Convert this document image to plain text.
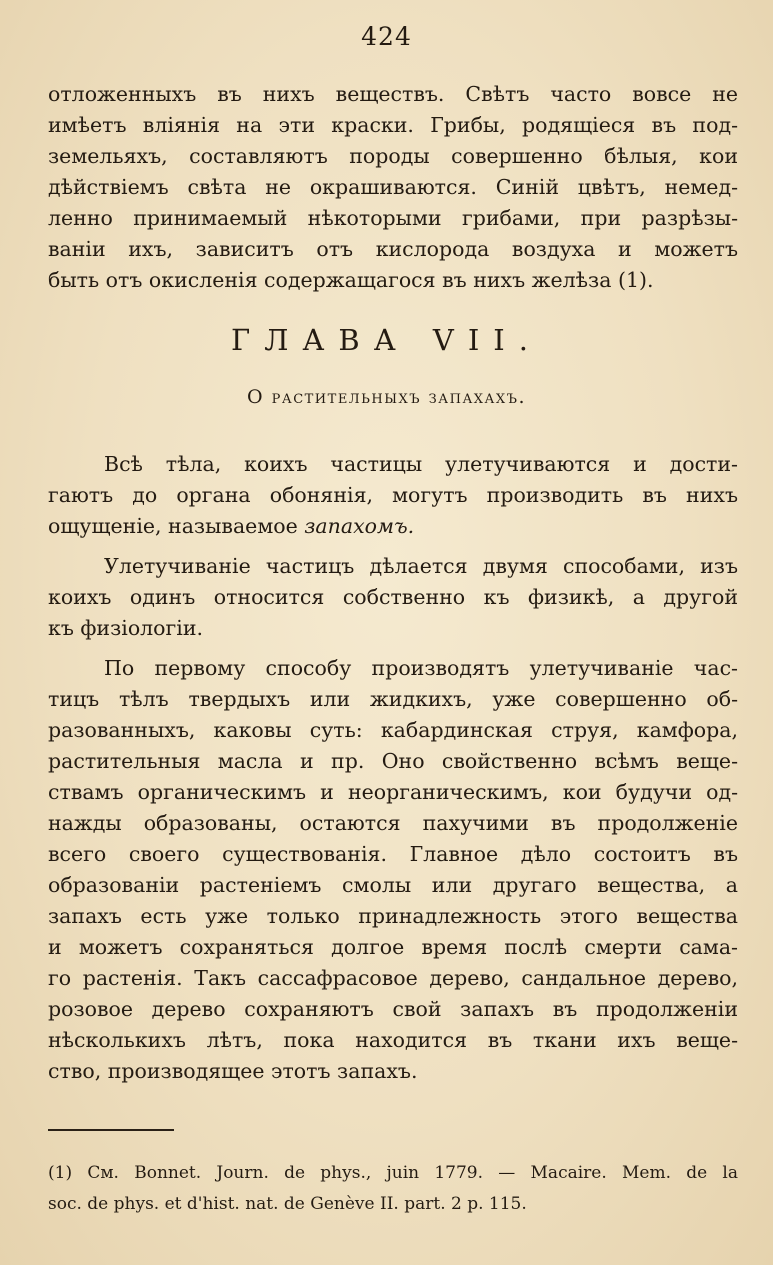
424
отложенныхъ въ нихъ веществъ. Свѣтъ часто вовсе не
имѣетъ вліянія на эти краски. Грибы, родящіеся въ под-
земельяхъ, составляютъ породы совершенно бѣлыя, кои
дѣйствіемъ свѣта не окрашиваются. Синій цвѣтъ, немед-
ленно принимаемый нѣкоторыми грибами, при разрѣзы-
ваніи ихъ, зависитъ отъ кислорода воздуха и можетъ
быть отъ окисленія содержащагося въ нихъ желѣза (1).
ГЛАВА VII.
О растительныхъ запахахъ.
Всѣ тѣла, коихъ частицы улетучиваются и дости-
гаютъ до органа обонянія, могутъ производить въ нихъ
ощущеніе, называемое запахомъ.
Улетучиваніе частицъ дѣлается двумя способами, изъ
коихъ одинъ относится собственно къ физикѣ, а другой
къ физіологіи.
По первому способу производятъ улетучиваніе час-
тицъ тѣлъ твердыхъ или жидкихъ, уже совершенно об-
разованныхъ, каковы суть: кабардинская струя, камфора,
растительныя масла и пр. Оно свойственно всѣмъ веще-
ствамъ органическимъ и неорганическимъ, кои будучи од-
нажды образованы, остаются пахучими въ продолженіе
всего своего существованія. Главное дѣло состоитъ въ
образованіи растеніемъ смолы или другаго вещества, а
запахъ есть уже только принадлежность этого вещества
и можетъ сохраняться долгое время послѣ смерти сама-
го растенія. Такъ сассафрасовое дерево, сандальное дерево,
розовое дерево сохраняютъ свой запахъ въ продолженіи
нѣсколькихъ лѣтъ, пока находится въ ткани ихъ веще-
ство, производящее этотъ запахъ.
(1) См. Bonnet. Journ. de phys., juin 1779. — Macaire. Mem. de la
soc. de phys. et d'hist. nat. de Genève II. part. 2 p. 115.
